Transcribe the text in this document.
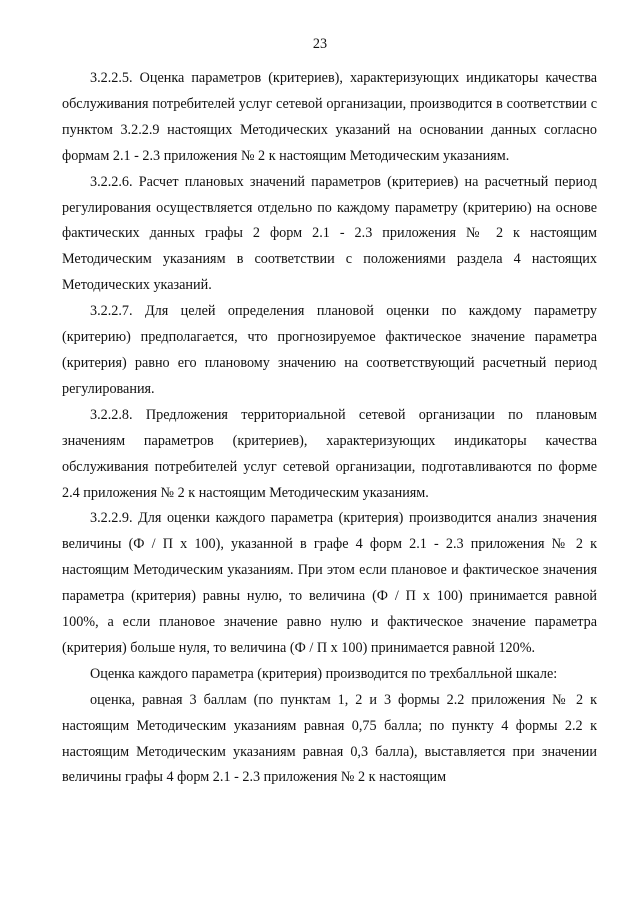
23

3.2.2.5. Оценка параметров (критериев), характеризующих индикаторы качества обслуживания потребителей услуг сетевой организации, производится в соответствии с пунктом 3.2.2.9 настоящих Методических указаний на основании данных согласно формам 2.1 - 2.3 приложения № 2 к настоящим Методическим указаниям.

3.2.2.6. Расчет плановых значений параметров (критериев) на расчетный период регулирования осуществляется отдельно по каждому параметру (критерию) на основе фактических данных графы 2 форм 2.1 - 2.3 приложения № 2 к настоящим Методическим указаниям в соответствии с положениями раздела 4 настоящих Методических указаний.

3.2.2.7. Для целей определения плановой оценки по каждому параметру (критерию) предполагается, что прогнозируемое фактическое значение параметра (критерия) равно его плановому значению на соответствующий расчетный период регулирования.

3.2.2.8. Предложения территориальной сетевой организации по плановым значениям параметров (критериев), характеризующих индикаторы качества обслуживания потребителей услуг сетевой организации, подготавливаются по форме 2.4 приложения № 2 к настоящим Методическим указаниям.

3.2.2.9. Для оценки каждого параметра (критерия) производится анализ значения величины (Ф / П х 100), указанной в графе 4 форм 2.1 - 2.3 приложения № 2 к настоящим Методическим указаниям. При этом если плановое и фактическое значения параметра (критерия) равны нулю, то величина (Ф / П х 100) принимается равной 100%, а если плановое значение равно нулю и фактическое значение параметра (критерия) больше нуля, то величина (Ф / П х 100) принимается равной 120%.

Оценка каждого параметра (критерия) производится по трехбалльной шкале:

оценка, равная 3 баллам (по пунктам 1, 2 и 3 формы 2.2 приложения № 2 к настоящим Методическим указаниям равная 0,75 балла; по пункту 4 формы 2.2 к настоящим Методическим указаниям равная 0,3 балла), выставляется при значении величины графы 4 форм 2.1 - 2.3 приложения № 2 к настоящим
